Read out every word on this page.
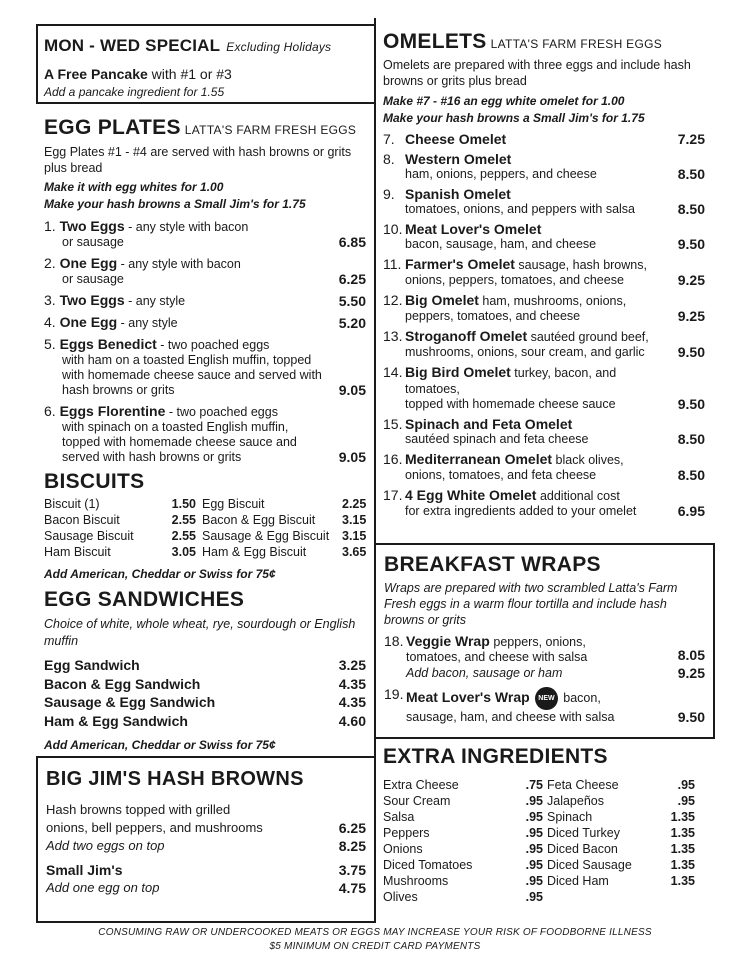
MON - WED SPECIAL Excluding Holidays
A Free Pancake with #1 or #3
Add a pancake ingredient for 1.55
EGG PLATES LATTA'S FARM FRESH EGGS
Egg Plates #1 - #4 are served with hash browns or grits plus bread
Make it with egg whites for 1.00
Make your hash browns a Small Jim's for 1.75
1. Two Eggs - any style with bacon
or sausage	6.85
2. One Egg - any style with bacon
or sausage	6.25
3. Two Eggs - any style	5.50
4. One Egg - any style	5.20
5. Eggs Benedict - two poached eggs
with ham on a toasted English muffin, topped with homemade cheese sauce and served with hash browns or grits	9.05
6. Eggs Florentine - two poached eggs
with spinach on a toasted English muffin, topped with homemade cheese sauce and served with hash browns or grits	9.05
BISCUITS
Biscuit (1)	1.50 Egg Biscuit	2.25
Bacon Biscuit	2.55 Bacon & Egg Biscuit	3.15
Sausage Biscuit	2.55 Sausage & Egg Biscuit	3.15
Ham Biscuit	3.05 Ham & Egg Biscuit	3.65
Add American, Cheddar or Swiss for 75¢
EGG SANDWICHES
Choice of white, whole wheat, rye, sourdough or English muffin
Egg Sandwich	3.25
Bacon & Egg Sandwich	4.35
Sausage & Egg Sandwich	4.35
Ham & Egg Sandwich	4.60
Add American, Cheddar or Swiss for 75¢
BIG JIM'S HASH BROWNS
Hash browns topped with grilled
onions, bell peppers, and mushrooms	6.25
Add two eggs on top	8.25
Small Jim's	3.75
Add one egg on top	4.75
OMELETS LATTA'S FARM FRESH EGGS
Omelets are prepared with three eggs and include hash browns or grits plus bread
Make #7 - #16 an egg white omelet for 1.00
Make your hash browns a Small Jim's for 1.75
7. Cheese Omelet	7.25
8. Western Omelet
ham, onions, peppers, and cheese	8.50
9. Spanish Omelet
tomatoes, onions, and peppers with salsa	8.50
10. Meat Lover's Omelet
bacon, sausage, ham, and cheese	9.50
11. Farmer's Omelet sausage, hash browns,
onions, peppers, tomatoes, and cheese	9.25
12. Big Omelet ham, mushrooms, onions,
peppers, tomatoes, and cheese	9.25
13. Stroganoff Omelet sautéed ground beef,
mushrooms, onions, sour cream, and garlic	9.50
14. Big Bird Omelet turkey, bacon, and tomatoes,
topped with homemade cheese sauce	9.50
15. Spinach and Feta Omelet
sautéed spinach and feta cheese	8.50
16. Mediterranean Omelet black olives,
onions, tomatoes, and feta cheese	8.50
17. 4 Egg White Omelet additional cost
for extra ingredients added to your omelet	6.95
BREAKFAST WRAPS
Wraps are prepared with two scrambled Latta's Farm Fresh eggs in a warm flour tortilla and include hash browns or grits
18. Veggie Wrap peppers, onions,
tomatoes, and cheese with salsa	8.05
Add bacon, sausage or ham	9.25
19. Meat Lover's Wrap NEW bacon,
sausage, ham, and cheese with salsa	9.50
EXTRA INGREDIENTS
Extra Cheese	.75 Feta Cheese	.95
Sour Cream	.95 Jalapeños	.95
Salsa	.95 Spinach	1.35
Peppers	.95 Diced Turkey	1.35
Onions	.95 Diced Bacon	1.35
Diced Tomatoes	.95 Diced Sausage	1.35
Mushrooms	.95 Diced Ham	1.35
Olives	.95
CONSUMING RAW OR UNDERCOOKED MEATS OR EGGS MAY INCREASE YOUR RISK OF FOODBORNE ILLNESS
$5 MINIMUM ON CREDIT CARD PAYMENTS
